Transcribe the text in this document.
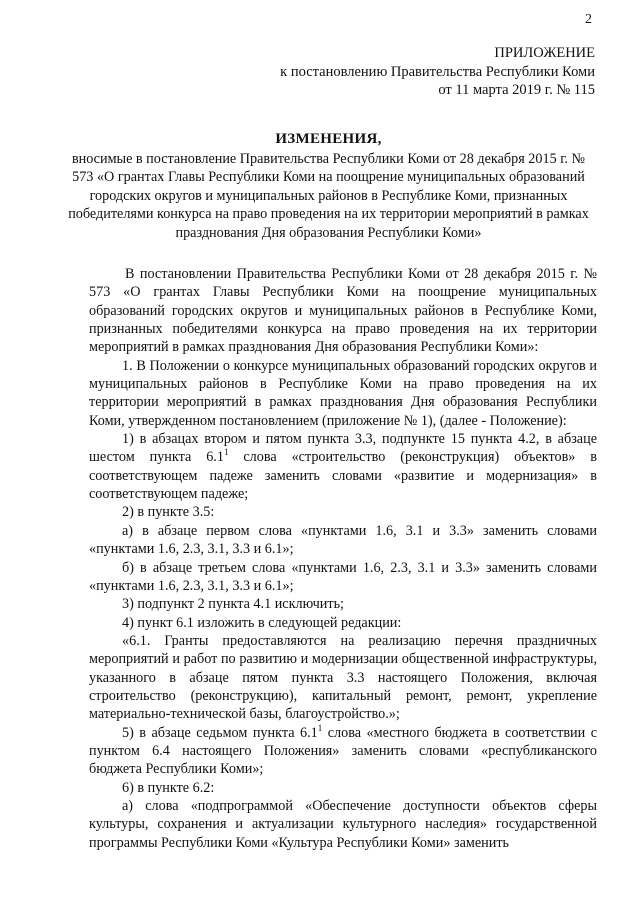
2
ПРИЛОЖЕНИЕ
к постановлению Правительства Республики Коми
от 11 марта 2019 г. № 115
ИЗМЕНЕНИЯ,
вносимые в постановление Правительства Республики Коми от 28 декабря 2015 г. № 573 «О грантах Главы Республики Коми на поощрение муниципальных образований городских округов и муниципальных районов в Республике Коми, признанных победителями конкурса на право проведения на их территории мероприятий в рамках празднования Дня образования Республики Коми»

В постановлении Правительства Республики Коми от 28 декабря 2015 г. № 573 «О грантах Главы Республики Коми на поощрение муниципальных образований городских округов и муниципальных районов в Республике Коми, признанных победителями конкурса на право проведения на их территории мероприятий в рамках празднования Дня образования Республики Коми»:

1. В Положении о конкурсе муниципальных образований городских округов и муниципальных районов в Республике Коми на право проведения на их территории мероприятий в рамках празднования Дня образования Республики Коми, утвержденном постановлением (приложение № 1), (далее - Положение):

1) в абзацах втором и пятом пункта 3.3, подпункте 15 пункта 4.2, в абзаце шестом пункта $6.1^1$ слова «строительство (реконструкция) объектов» в соответствующем падеже заменить словами «развитие и модернизация» в соответствующем падеже;

2) в пункте 3.5:

а) в абзаце первом слова «пунктами 1.6, 3.1 и 3.3» заменить словами «пунктами 1.6, 2.3, 3.1, 3.3 и 6.1»;

б) в абзаце третьем слова «пунктами 1.6, 2.3, 3.1 и 3.3» заменить словами «пунктами 1.6, 2.3, 3.1, 3.3 и 6.1»;

3) подпункт 2 пункта 4.1 исключить;

4) пункт 6.1 изложить в следующей редакции:

«6.1. Гранты предоставляются на реализацию перечня праздничных мероприятий и работ по развитию и модернизации общественной инфраструктуры, указанного в абзаце пятом пункта 3.3 настоящего Положения, включая строительство (реконструкцию), капитальный ремонт, ремонт, укрепление материально-технической базы, благоустройство.»;

5) в абзаце седьмом пункта $6.1^1$ слова «местного бюджета в соответствии с пунктом 6.4 настоящего Положения» заменить словами «республиканского бюджета Республики Коми»;

6) в пункте 6.2:

а) слова «подпрограммой «Обеспечение доступности объектов сферы культуры, сохранения и актуализации культурного наследия» государственной программы Республики Коми «Культура Республики Коми» заменить
